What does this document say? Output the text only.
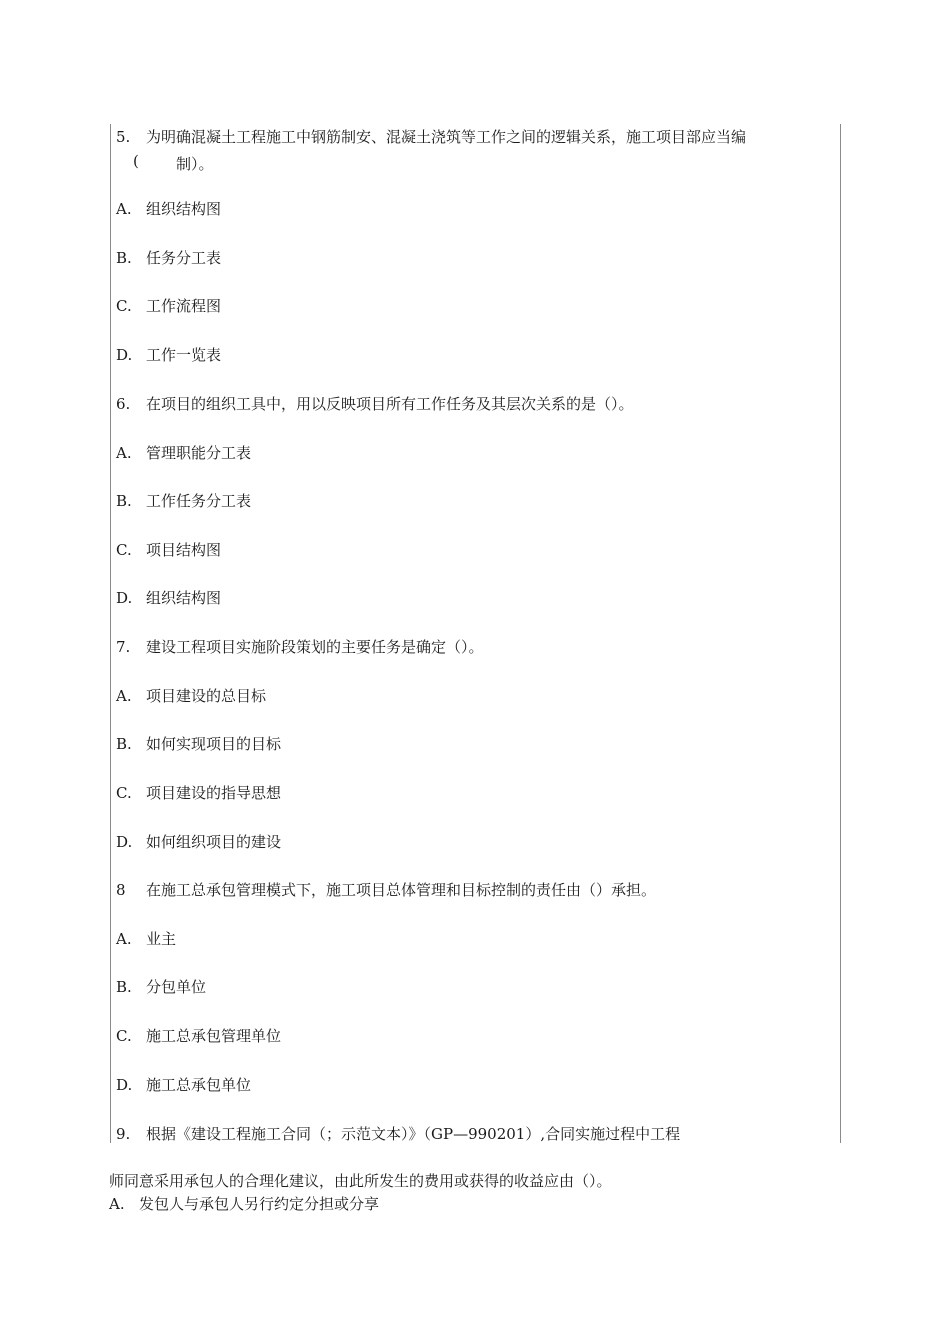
5. 为明确混凝土工程施工中钢筋制安、混凝土浇筑等工作之间的逻辑关系，施工项目部应当编
( 制）。
A. 组织结构图
B. 任务分工表
C. 工作流程图
D. 工作一览表
6. 在项目的组织工具中，用以反映项目所有工作任务及其层次关系的是（）。
A. 管理职能分工表
B. 工作任务分工表
C. 项目结构图
D. 组织结构图
7. 建设工程项目实施阶段策划的主要任务是确定（）。
A. 项目建设的总目标
B. 如何实现项目的目标
C. 项目建设的指导思想
D. 如何组织项目的建设
8 在施工总承包管理模式下，施工项目总体管理和目标控制的责任由（）承担。
A. 业主
B. 分包单位
C. 施工总承包管理单位
D. 施工总承包单位
9. 根据《建设工程施工合同（；示范文本）》（GP—990201）,合同实施过程中工程
师同意采用承包人的合理化建议，由此所发生的费用或获得的收益应由（）。
A. 发包人与承包人另行约定分担或分享
